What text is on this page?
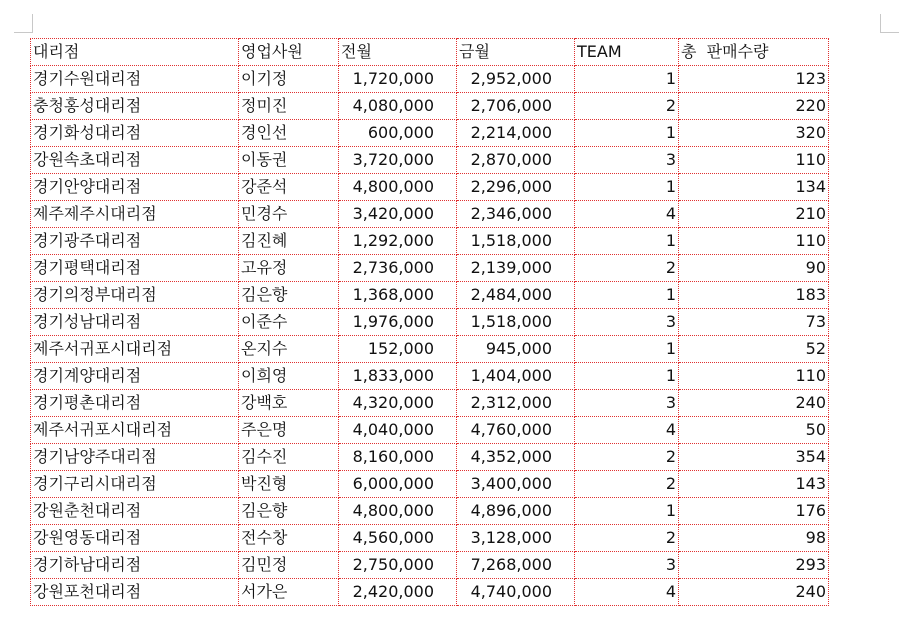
대리점	영업사원	전월	금월	TEAM	총  판매수량
경기수원대리점	이기정	1,720,000	2,952,000	1	123
충청홍성대리점	정미진	4,080,000	2,706,000	2	220
경기화성대리점	경인선	600,000	2,214,000	1	320
강원속초대리점	이동권	3,720,000	2,870,000	3	110
경기안양대리점	강준석	4,800,000	2,296,000	1	134
제주제주시대리점	민경수	3,420,000	2,346,000	4	210
경기광주대리점	김진혜	1,292,000	1,518,000	1	110
경기평택대리점	고유정	2,736,000	2,139,000	2	90
경기의정부대리점	김은향	1,368,000	2,484,000	1	183
경기성남대리점	이준수	1,976,000	1,518,000	3	73
제주서귀포시대리점	온지수	152,000	945,000	1	52
경기계양대리점	이희영	1,833,000	1,404,000	1	110
경기평촌대리점	강백호	4,320,000	2,312,000	3	240
제주서귀포시대리점	주은명	4,040,000	4,760,000	4	50
경기남양주대리점	김수진	8,160,000	4,352,000	2	354
경기구리시대리점	박진형	6,000,000	3,400,000	2	143
강원춘천대리점	김은향	4,800,000	4,896,000	1	176
강원영동대리점	전수창	4,560,000	3,128,000	2	98
경기하남대리점	김민정	2,750,000	7,268,000	3	293
강원포천대리점	서가은	2,420,000	4,740,000	4	240
